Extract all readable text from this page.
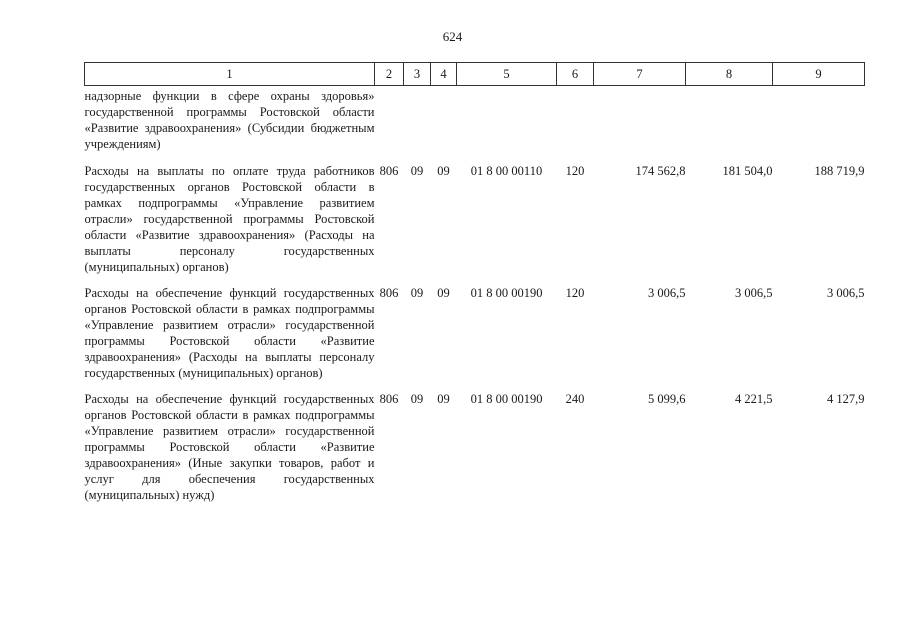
624
1	2	3	4	5	6	7	8	9
надзорные функции в сфере охраны здоровья» государственной программы Ростовской области «Развитие здравоохранения» (Субсидии бюджетным учреждениям)								
Расходы на выплаты по оплате труда работников государственных органов Ростовской области в рамках подпрограммы «Управление развитием отрасли» государственной программы Ростовской области «Развитие здравоохранения» (Расходы на выплаты персоналу государственных (муниципальных) органов)	806	09	09	01 8 00 00110	120	174 562,8	181 504,0	188 719,9
Расходы на обеспечение функций государственных органов Ростовской области в рамках подпрограммы «Управление развитием отрасли» государственной программы Ростовской области «Развитие здравоохранения» (Расходы на выплаты персоналу государственных (муниципальных) органов)	806	09	09	01 8 00 00190	120	3 006,5	3 006,5	3 006,5
Расходы на обеспечение функций государственных органов Ростовской области в рамках подпрограммы «Управление развитием отрасли» государственной программы Ростовской области «Развитие здравоохранения» (Иные закупки товаров, работ и услуг для обеспечения государственных (муниципальных) нужд)	806	09	09	01 8 00 00190	240	5 099,6	4 221,5	4 127,9
